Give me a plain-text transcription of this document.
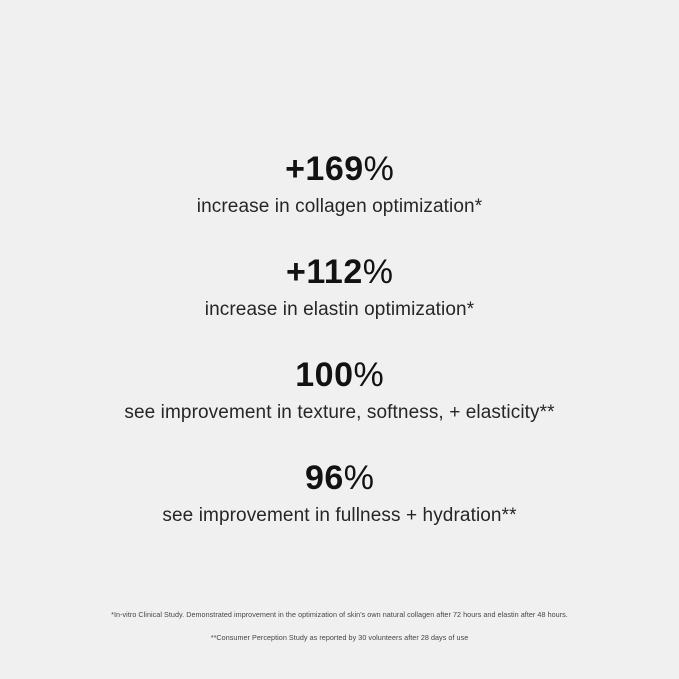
+169%
increase in collagen optimization*
+112%
increase in elastin optimization*
100%
see improvement in texture, softness, + elasticity**
96%
see improvement in fullness + hydration**
*In-vitro Clinical Study. Demonstrated improvement in the optimization of skin's own natural collagen after 72 hours and elastin after 48 hours.
**Consumer Perception Study as reported by 30 volunteers after 28 days of use
